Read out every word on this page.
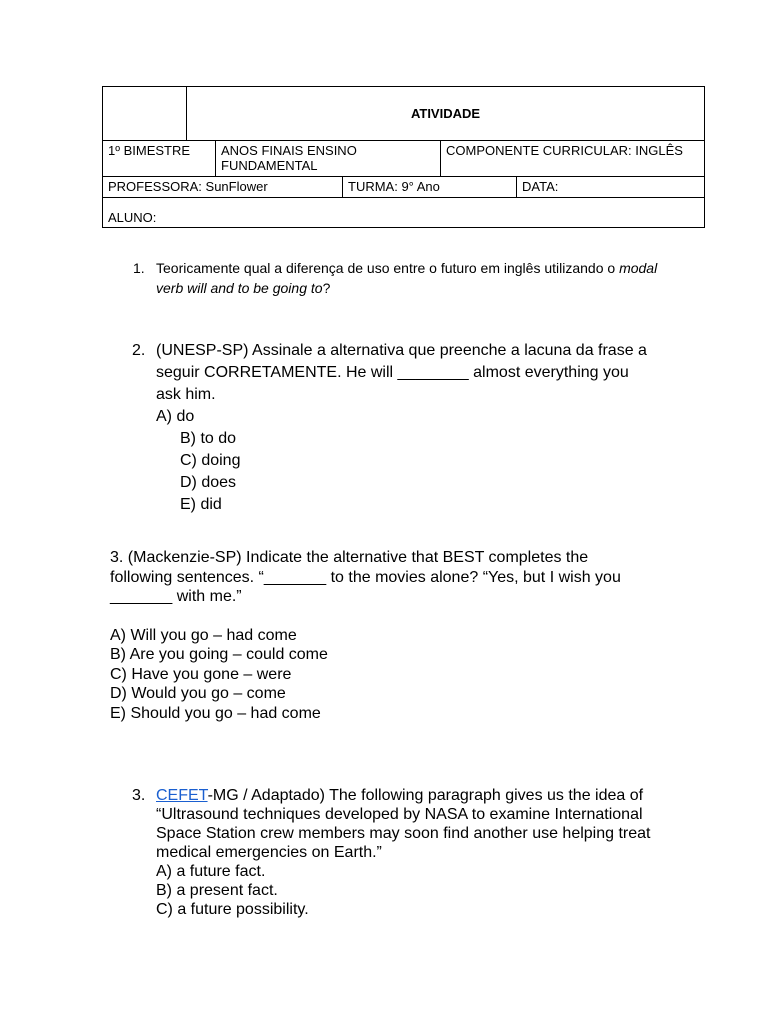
	ATIVIDADE				
1º BIMESTRE		ANOS FINAIS ENSINO FUNDAMENTAL		COMPONENTE CURRICULAR: INGLÊS	
PROFESSORA: SunFlower			TURMA: 9° Ano		DATA:
ALUNO:					
1. Teoricamente qual a diferença de uso entre o futuro em inglês utilizando o modal verb will and to be going to?
2. (UNESP-SP) Assinale a alternativa que preenche a lacuna da frase a seguir CORRETAMENTE. He will ________ almost everything you ask him.
A) do
B) to do
C) doing
D) does
E) did
3. (Mackenzie-SP) Indicate the alternative that BEST completes the following sentences. “_______ to the movies alone? “Yes, but I wish you _______ with me.”
A) Will you go – had come
B) Are you going – could come
C) Have you gone – were
D) Would you go – come
E) Should you go – had come
3. CEFET-MG / Adaptado) The following paragraph gives us the idea of “Ultrasound techniques developed by NASA to examine International Space Station crew members may soon find another use helping treat medical emergencies on Earth.”
A) a future fact.
B) a present fact.
C) a future possibility.
